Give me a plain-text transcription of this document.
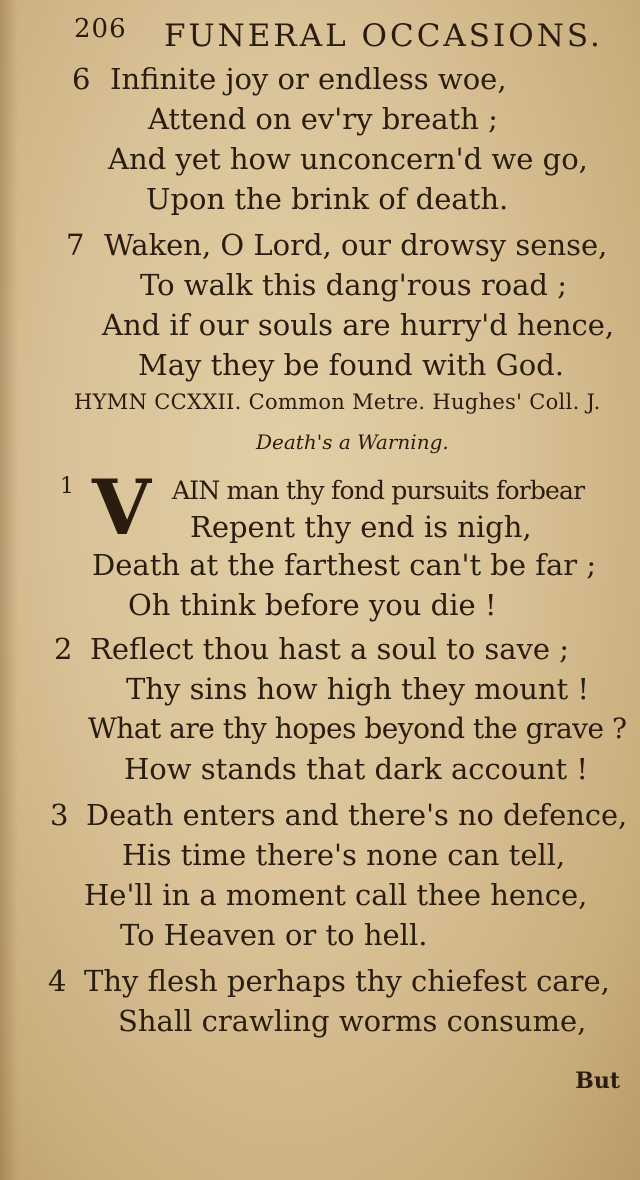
206 FUNERAL OCCASIONS.
6 Infinite joy or endless woe,
Attend on ev'ry breath ;
And yet how unconcern'd we go,
Upon the brink of death.
7 Waken, O Lord, our drowsy sense,
To walk this dang'rous road ;
And if our souls are hurry'd hence,
May they be found with God.
HYMN CCXXII. Common Metre. Hughes' Coll. J.
Death's a Warning.
1 V AIN man thy fond pursuits forbear
Repent thy end is nigh,
Death at the farthest can't be far ;
Oh think before you die !
2 Reflect thou hast a soul to save ;
Thy sins how high they mount !
What are thy hopes beyond the grave ?
How stands that dark account !
3 Death enters and there's no defence,
His time there's none can tell,
He'll in a moment call thee hence,
To Heaven or to hell.
4 Thy flesh perhaps thy chiefest care,
Shall crawling worms consume,
But
